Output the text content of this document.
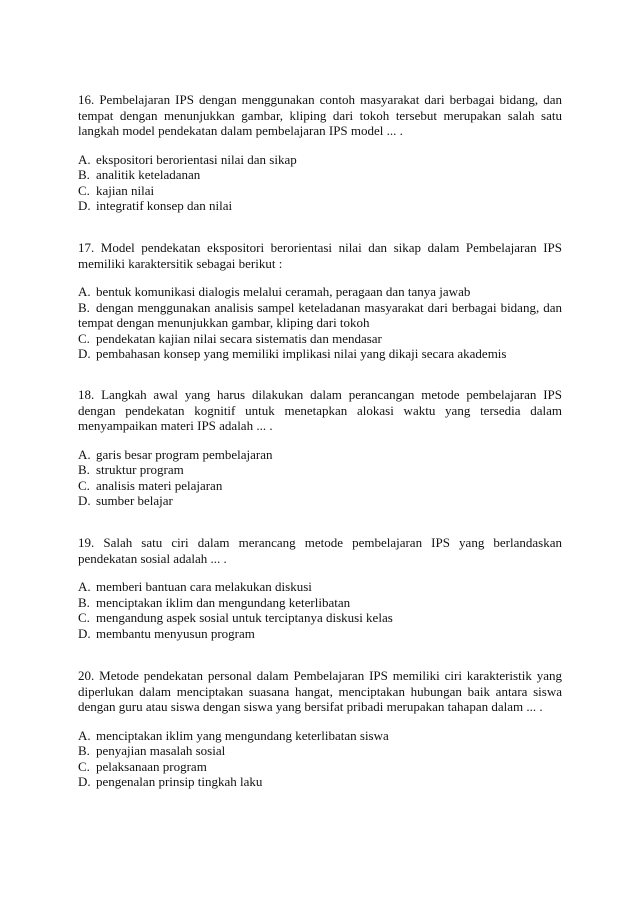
16. Pembelajaran IPS dengan menggunakan contoh masyarakat dari berbagai bidang, dan tempat dengan menunjukkan gambar, kliping dari tokoh tersebut merupakan salah satu langkah model pendekatan dalam pembelajaran IPS model ... .

A. ekspositori berorientasi nilai dan sikap
B. analitik keteladanan
C. kajian nilai
D. integratif konsep dan nilai

17. Model pendekatan ekspositori berorientasi nilai dan sikap dalam Pembelajaran IPS memiliki karaktersitik sebagai berikut :

A. bentuk komunikasi dialogis melalui ceramah, peragaan dan tanya jawab
B. dengan menggunakan analisis sampel keteladanan masyarakat dari berbagai bidang, dan tempat dengan menunjukkan gambar, kliping dari tokoh
C. pendekatan kajian nilai secara sistematis dan mendasar
D. pembahasan konsep yang memiliki implikasi nilai yang dikaji secara akademis

18. Langkah awal yang harus dilakukan dalam perancangan metode pembelajaran IPS dengan pendekatan kognitif untuk menetapkan alokasi waktu yang tersedia dalam menyampaikan materi IPS adalah ... .

A. garis besar program pembelajaran
B. struktur program
C. analisis materi pelajaran
D. sumber belajar

19. Salah satu ciri dalam merancang metode pembelajaran IPS yang berlandaskan pendekatan sosial adalah ... .

A. memberi bantuan cara melakukan diskusi
B. menciptakan iklim dan mengundang keterlibatan
C. mengandung aspek sosial untuk terciptanya diskusi kelas
D. membantu menyusun program

20. Metode pendekatan personal dalam Pembelajaran IPS memiliki ciri karakteristik yang diperlukan dalam menciptakan suasana hangat, menciptakan hubungan baik antara siswa dengan guru atau siswa dengan siswa yang bersifat pribadi merupakan tahapan dalam ... .

A. menciptakan iklim yang mengundang keterlibatan siswa
B. penyajian masalah sosial
C. pelaksanaan program
D. pengenalan prinsip tingkah laku
